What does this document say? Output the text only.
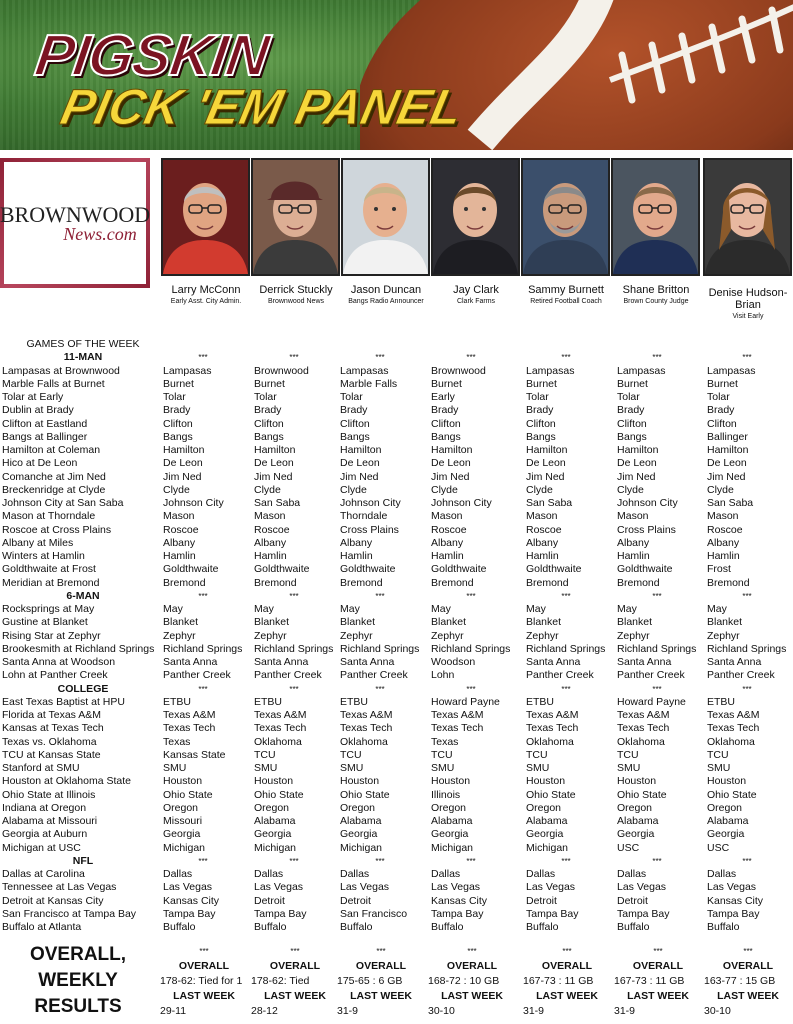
PIGSKIN
PICK 'EM PANEL
BROWNWOOD
News.com
Larry McConn
Early Asst. City Admin.
Derrick Stuckly
Brownwood News
Jason Duncan
Bangs Radio Announcer
Jay Clark
Clark Farms
Sammy Burnett
Retired Football Coach
Shane Britton
Brown County Judge
Denise Hudson-Brian
Visit Early
GAMES OF THE WEEK
11-MAN
Lampasas at Brownwood
Marble Falls at Burnet
Tolar at Early
Dublin at Brady
Clifton at Eastland
Bangs at Ballinger
Hamilton at Coleman
Hico at De Leon
Comanche at Jim Ned
Breckenridge at Clyde
Johnson City at San Saba
Mason at Thorndale
Roscoe at Cross Plains
Albany at Miles
Winters at Hamlin
Goldthwaite at Frost
Meridian at Bremond
6-MAN
Rocksprings at May
Gustine at Blanket
Rising Star at Zephyr
Brookesmith at Richland Springs
Santa Anna at Woodson
Lohn at Panther Creek
COLLEGE
East Texas Baptist at HPU
Florida at Texas A&M
Kansas at Texas Tech
Texas vs. Oklahoma
TCU at Kansas State
Stanford at SMU
Houston at Oklahoma State
Ohio State at Illinois
Indiana at Oregon
Alabama at Missouri
Georgia at Auburn
Michigan at USC
NFL
Dallas at Carolina
Tennessee at Las Vegas
Detroit at Kansas City
San Francisco at Tampa Bay
Buffalo at Atlanta
***
Lampasas
Burnet
Tolar
Brady
Clifton
Bangs
Hamilton
De Leon
Jim Ned
Clyde
Johnson City
Mason
Roscoe
Albany
Hamlin
Goldthwaite
Bremond
***
May
Blanket
Zephyr
Richland Springs
Santa Anna
Panther Creek
***
ETBU
Texas A&M
Texas Tech
Texas
Kansas State
SMU
Houston
Ohio State
Oregon
Missouri
Georgia
Michigan
***
Dallas
Las Vegas
Kansas City
Tampa Bay
Buffalo
***
Brownwood
Burnet
Tolar
Brady
Clifton
Bangs
Hamilton
De Leon
Jim Ned
Clyde
San Saba
Mason
Roscoe
Albany
Hamlin
Goldthwaite
Bremond
***
May
Blanket
Zephyr
Richland Springs
Santa Anna
Panther Creek
***
ETBU
Texas A&M
Texas Tech
Oklahoma
TCU
SMU
Houston
Ohio State
Oregon
Alabama
Georgia
Michigan
***
Dallas
Las Vegas
Detroit
Tampa Bay
Buffalo
***
Lampasas
Marble Falls
Tolar
Brady
Clifton
Bangs
Hamilton
De Leon
Jim Ned
Clyde
Johnson City
Thorndale
Cross Plains
Albany
Hamlin
Goldthwaite
Bremond
***
May
Blanket
Zephyr
Richland Springs
Santa Anna
Panther Creek
***
ETBU
Texas A&M
Texas Tech
Oklahoma
TCU
SMU
Houston
Ohio State
Oregon
Alabama
Georgia
Michigan
***
Dallas
Las Vegas
Detroit
San Francisco
Buffalo
***
Brownwood
Burnet
Early
Brady
Clifton
Bangs
Hamilton
De Leon
Jim Ned
Clyde
Johnson City
Mason
Roscoe
Albany
Hamlin
Goldthwaite
Bremond
***
May
Blanket
Zephyr
Richland Springs
Woodson
Lohn
***
Howard Payne
Texas A&M
Texas Tech
Texas
TCU
SMU
Houston
Illinois
Oregon
Alabama
Georgia
Michigan
***
Dallas
Las Vegas
Kansas City
Tampa Bay
Buffalo
***
Lampasas
Burnet
Tolar
Brady
Clifton
Bangs
Hamilton
De Leon
Jim Ned
Clyde
San Saba
Mason
Roscoe
Albany
Hamlin
Goldthwaite
Bremond
***
May
Blanket
Zephyr
Richland Springs
Santa Anna
Panther Creek
***
ETBU
Texas A&M
Texas Tech
Oklahoma
TCU
SMU
Houston
Ohio State
Oregon
Alabama
Georgia
Michigan
***
Dallas
Las Vegas
Detroit
Tampa Bay
Buffalo
***
Lampasas
Burnet
Tolar
Brady
Clifton
Bangs
Hamilton
De Leon
Jim Ned
Clyde
Johnson City
Mason
Cross Plains
Albany
Hamlin
Goldthwaite
Bremond
***
May
Blanket
Zephyr
Richland Springs
Santa Anna
Panther Creek
***
Howard Payne
Texas A&M
Texas Tech
Oklahoma
TCU
SMU
Houston
Ohio State
Oregon
Alabama
Georgia
USC
***
Dallas
Las Vegas
Detroit
Tampa Bay
Buffalo
***
Lampasas
Burnet
Tolar
Brady
Clifton
Ballinger
Hamilton
De Leon
Jim Ned
Clyde
San Saba
Mason
Roscoe
Albany
Hamlin
Frost
Bremond
***
May
Blanket
Zephyr
Richland Springs
Santa Anna
Panther Creek
***
ETBU
Texas A&M
Texas Tech
Oklahoma
TCU
SMU
Houston
Ohio State
Oregon
Alabama
Georgia
USC
***
Dallas
Las Vegas
Kansas City
Tampa Bay
Buffalo
OVERALL, WEEKLY RESULTS
***
OVERALL
178-62: Tied for 1
LAST WEEK
29-11
***
OVERALL
178-62: Tied
LAST WEEK
28-12
***
OVERALL
175-65 : 6 GB
LAST WEEK
31-9
***
OVERALL
168-72 : 10 GB
LAST WEEK
30-10
***
OVERALL
167-73 : 11 GB
LAST WEEK
31-9
***
OVERALL
167-73 : 11 GB
LAST WEEK
31-9
***
OVERALL
163-77 : 15 GB
LAST WEEK
30-10
